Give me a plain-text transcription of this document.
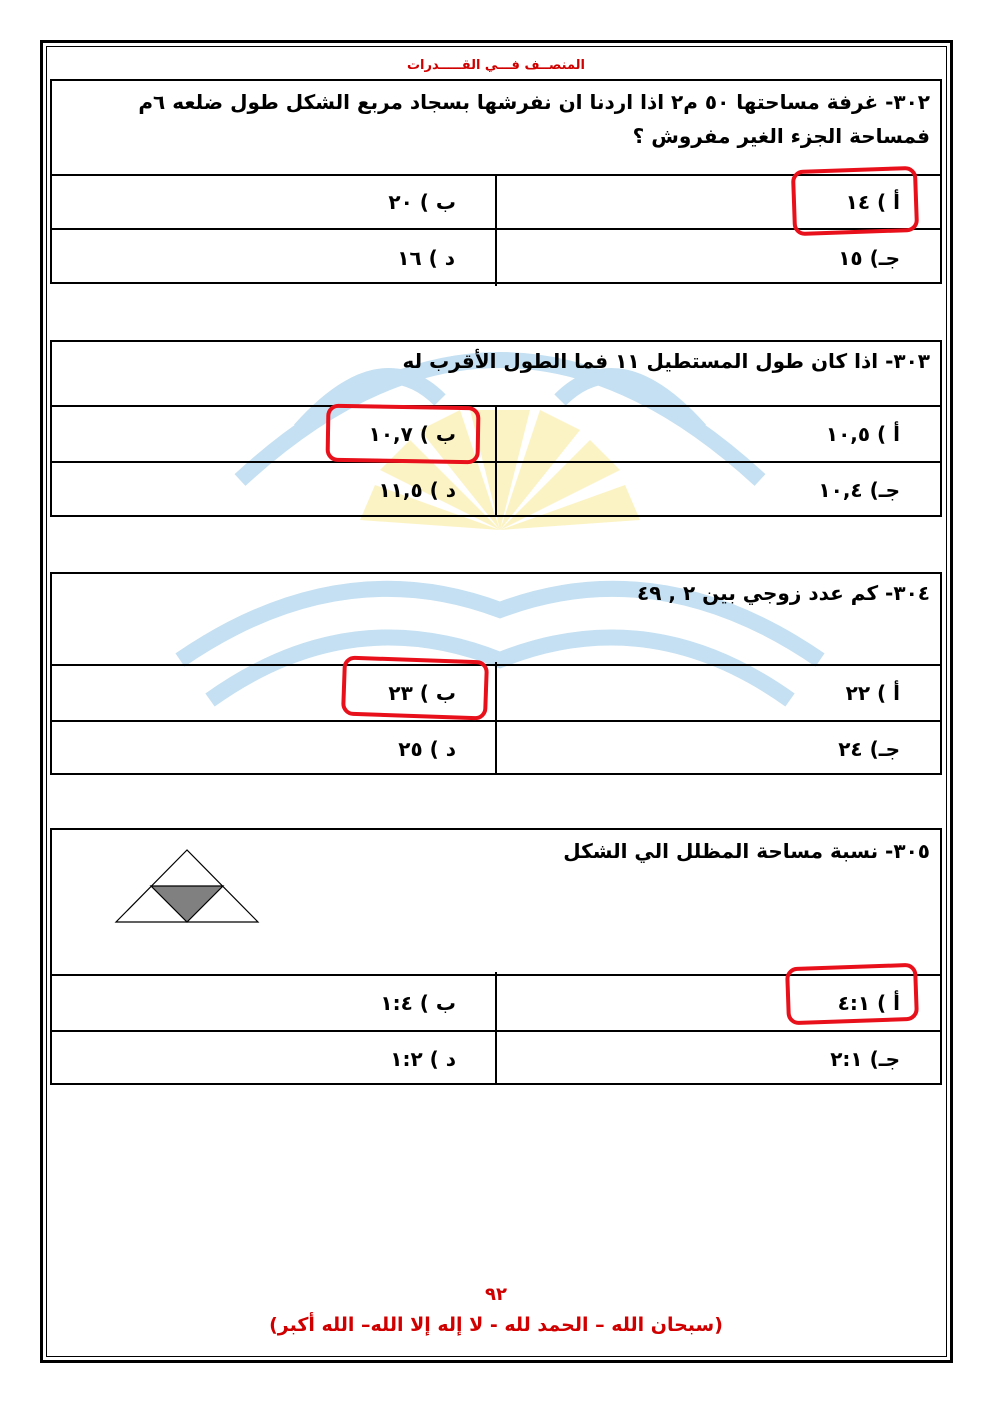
المنصــف فـــي القـــــدرات
٣٠٢- غرفة مساحتها ٥٠ م٢ اذا اردنا ان نفرشها بسجاد مربع الشكل طول ضلعه ٦م فمساحة الجزء الغير مفروش ؟
ب ) ٢٠	أ ) ١٤
د ) ١٦	جـ) ١٥
٣٠٣- اذا كان طول المستطيل ١١ فما الطول الأقرب له
ب ) ١٠,٧	أ ) ١٠,٥
د ) ١١,٥	جـ) ١٠,٤
٣٠٤- كم عدد زوجي بين ٢ , ٤٩
ب ) ٢٣	أ ) ٢٢
د ) ٢٥	جـ) ٢٤
٣٠٥- نسبة مساحة المظلل الي الشكل
ب ) ١:٤	أ ) ٤:١
د ) ١:٢	جـ) ٢:١
٩٢
(سبحان الله – الحمد لله - لا إله إلا الله– الله أكبر)
